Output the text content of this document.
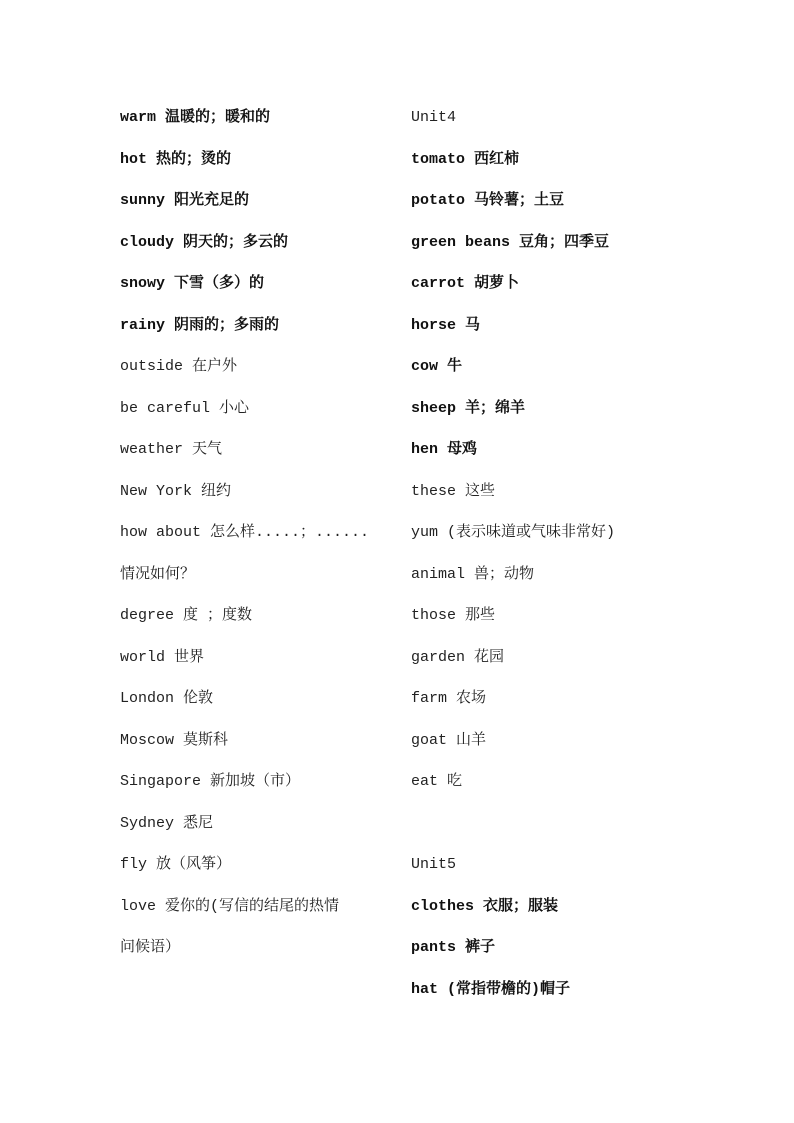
warm 温暖的；暖和的
hot 热的；烫的
sunny 阳光充足的
cloudy 阴天的；多云的
snowy 下雪（多）的
rainy 阴雨的；多雨的
outside 在户外
be careful 小心
weather 天气
New York 纽约
how about 怎么样.....；......
情况如何？
degree 度 ；度数
world 世界
London 伦敦
Moscow 莫斯科
Singapore 新加坡（市）
Sydney 悉尼
fly 放（风筝）
love 爱你的(写信的结尾的热情
问候语）
Unit4
tomato 西红柿
potato 马铃薯；土豆
green beans 豆角；四季豆
carrot 胡萝卜
horse 马
cow 牛
sheep 羊；绵羊
hen 母鸡
these 这些
yum (表示味道或气味非常好)
animal 兽；动物
those 那些
garden 花园
farm 农场
goat 山羊
eat 吃
Unit5
clothes 衣服；服装
pants 裤子
hat (常指带檐的)帽子
